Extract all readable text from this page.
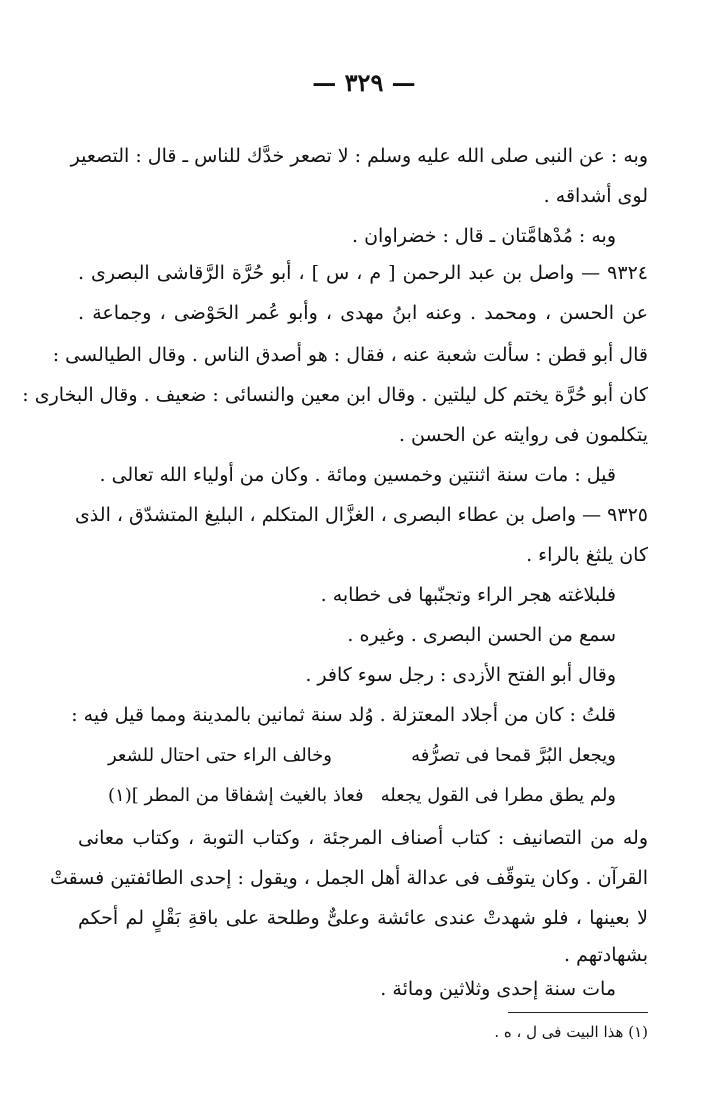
— ٣٢٩ —
وبه : عن النبى صلى الله عليه وسلم : لا تصعر خدَّك للناس ـ قال : التصعير
لوى أشداقه .
وبه : مُدْهامَّتان ـ قال : خضراوان .
٩٣٢٤ — واصل بن عبد الرحمن [ م ، س ] ، أبو حُرَّة الرَّقاشى البصرى .
عن الحسن ، ومحمد . وعنه ابنُ مهدى ، وأبو عُمر الحَوْضى ، وجماعة .
قال أبو قطن : سألت شعبة عنه ، فقال : هو أصدق الناس . وقال الطيالسى :
كان أبو حُرَّة يختم كل ليلتين . وقال ابن معين والنسائى : ضعيف . وقال البخارى :
يتكلمون فى روايته عن الحسن .
قيل : مات سنة اثنتين وخمسين ومائة . وكان من أولياء الله تعالى .
٩٣٢٥ — واصل بن عطاء البصرى ، الغزَّال المتكلم ، البليغ المتشدّق ، الذى
كان يلثغ بالراء .
فلبلاغته هجر الراء وتجنّبها فى خطابه .
سمع من الحسن البصرى . وغيره .
وقال أبو الفتح الأزدى : رجل سوء كافر .
قلتُ : كان من أجلاد المعتزلة . وُلد سنة ثمانين بالمدينة ومما قيل فيه :
ويجعل البُرَّ قمحا فى تصرُّفه
وخالف الراء حتى احتال للشعر
ولم يطق مطرا فى القول يجعله
فعاذ بالغيث إشفاقا من المطر ](١)
وله من التصانيف : كتاب أصناف المرجئة ، وكتاب التوبة ، وكتاب معانى
القرآن . وكان يتوقّف فى عدالة أهل الجمل ، ويقول : إحدى الطائفتين فسقتْ
لا بعينها ، فلو شهدتْ عندى عائشة وعلىٌّ وطلحة على باقةِ بَقْلٍ لم أحكم
بشهادتهم .
مات سنة إحدى وثلاثين ومائة .
(١) هذا البيت فى ل ، ه .
